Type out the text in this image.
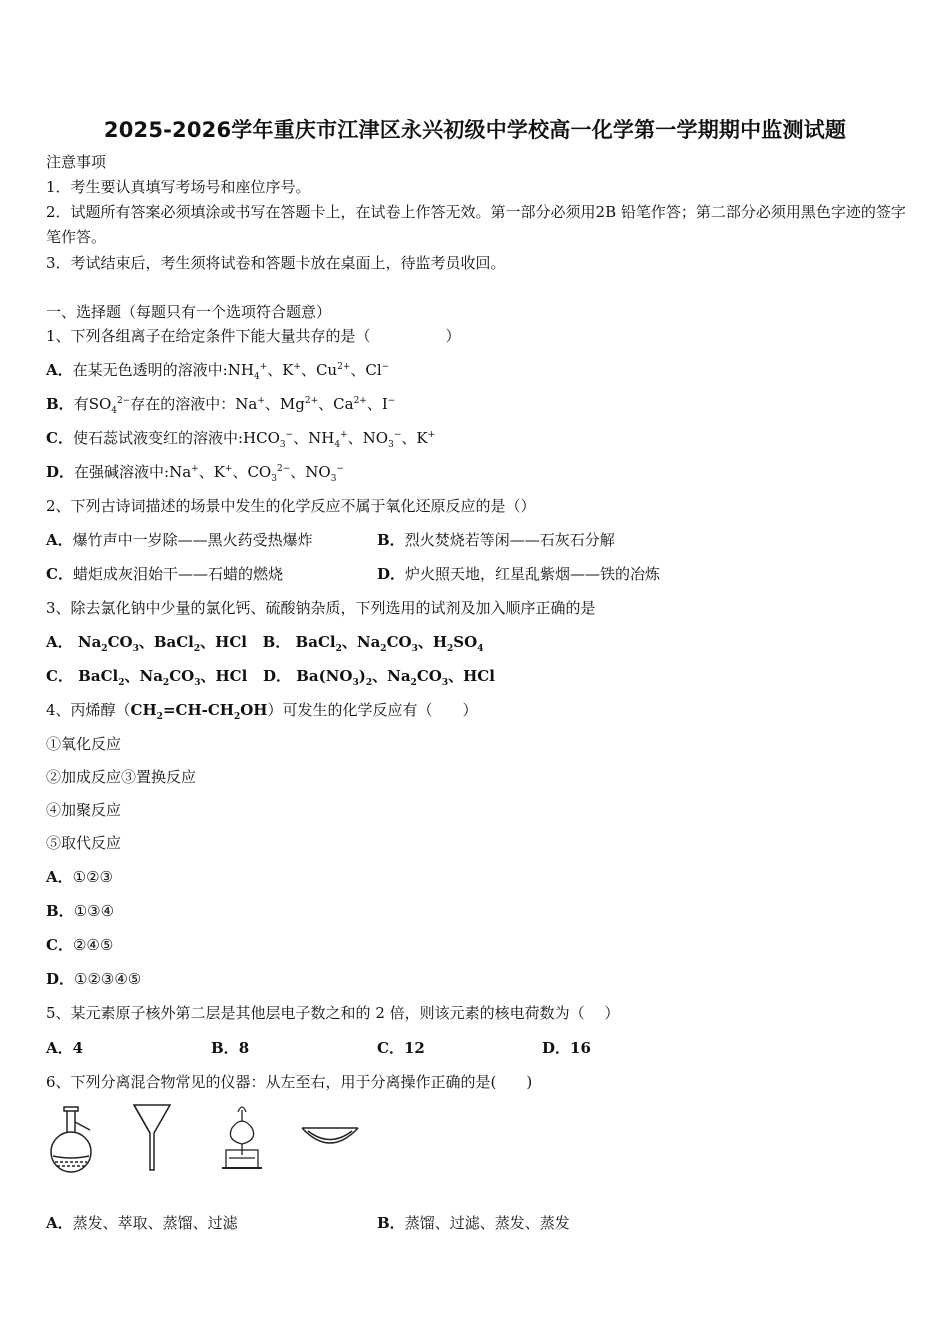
2025-2026学年重庆市江津区永兴初级中学校高一化学第一学期期中监测试题
注意事项
1．考生要认真填写考场号和座位序号。
2．试题所有答案必须填涂或书写在答题卡上，在试卷上作答无效。第一部分必须用2B 铅笔作答；第二部分必须用黑色字迹的签字笔作答。
3．考试结束后，考生须将试卷和答题卡放在桌面上，待监考员收回。
一、选择题（每题只有一个选项符合题意）
1、下列各组离子在给定条件下能大量共存的是（　　　　　）
A．在某无色透明的溶液中$:NH_4^+$、K+、$Cu^{2+}$、Cl−
B．有$SO_4^{2-}$存在的溶液中：Na+、$Mg^{2+}$、$Ca^{2+}$、I−
C．使石蕊试液变红的溶液中$:HCO_3^-$、$NH_4^+$、$NO_3^-$、K+
D．在强碱溶液中:Na+、K+、$CO_3^{2-}$、$NO_3^-$
2、下列古诗词描述的场景中发生的化学反应不属于氧化还原反应的是（）
A．爆竹声中一岁除——黑火药受热爆炸	B．烈火焚烧若等闲——石灰石分解
C．蜡炬成灰泪始干——石蜡的燃烧	D．炉火照天地，红星乱紫烟——铁的冶炼
3、除去氯化钠中少量的氯化钙、硫酸钠杂质，下列选用的试剂及加入顺序正确的是
A． $Na_2CO_3$、BaCl$_2$、HCl B． BaCl$_2$、$Na_2CO_3$、$H_2SO_4$
C． BaCl$_2$、$Na_2CO_3$、HCl D． $Ba(NO_3)_2$、$Na_2CO_3$、HCl
4、丙烯醇$(CH_2=CH-CH_2OH)$可发生的化学反应有（　　）
①氧化反应
②加成反应③置换反应
④加聚反应
⑤取代反应
A．①②③
B．①③④
C．②④⑤
D．①②③④⑤
5、某元素原子核外第二层是其他层电子数之和的 2 倍，则该元素的核电荷数为（　 ）
A．4	B．8	C．12	D．16
6、下列分离混合物常见的仪器：从左至右，用于分离操作正确的是(　　)
A．蒸发、萃取、蒸馏、过滤	B．蒸馏、过滤、蒸发、蒸发
